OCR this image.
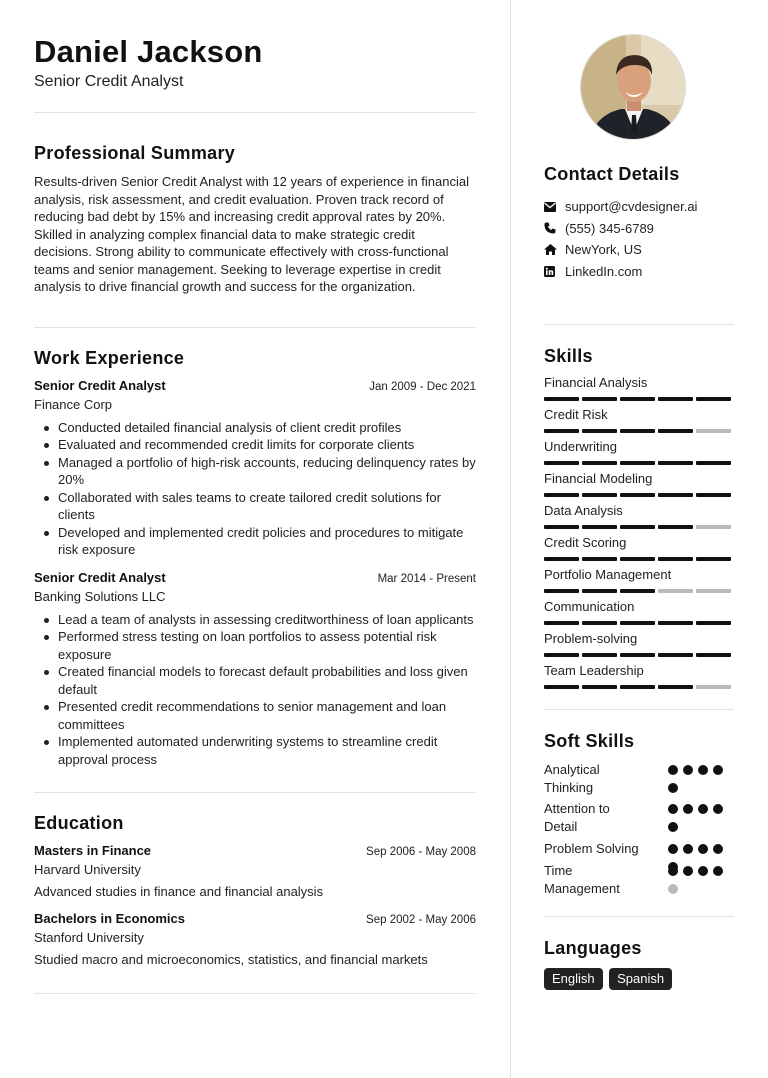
Daniel Jackson
Senior Credit Analyst
Professional Summary
Results-driven Senior Credit Analyst with 12 years of experience in financial analysis, risk assessment, and credit evaluation. Proven track record of reducing bad debt by 15% and increasing credit approval rates by 20%. Skilled in analyzing complex financial data to make strategic credit decisions. Strong ability to communicate effectively with cross-functional teams and senior management. Seeking to leverage expertise in credit analysis to drive financial growth and success for the organization.
Work Experience
Senior Credit Analyst	Jan 2009 - Dec 2021
Finance Corp
Conducted detailed financial analysis of client credit profiles
Evaluated and recommended credit limits for corporate clients
Managed a portfolio of high-risk accounts, reducing delinquency rates by 20%
Collaborated with sales teams to create tailored credit solutions for clients
Developed and implemented credit policies and procedures to mitigate risk exposure
Senior Credit Analyst	Mar 2014 - Present
Banking Solutions LLC
Lead a team of analysts in assessing creditworthiness of loan applicants
Performed stress testing on loan portfolios to assess potential risk exposure
Created financial models to forecast default probabilities and loss given default
Presented credit recommendations to senior management and loan committees
Implemented automated underwriting systems to streamline credit approval process
Education
Masters in Finance	Sep 2006 - May 2008
Harvard University
Advanced studies in finance and financial analysis
Bachelors in Economics	Sep 2002 - May 2006
Stanford University
Studied macro and microeconomics, statistics, and financial markets
Contact Details
support@cvdesigner.ai
(555) 345-6789
NewYork, US
LinkedIn.com
Skills
Financial Analysis
Credit Risk
Underwriting
Financial Modeling
Data Analysis
Credit Scoring
Portfolio Management
Communication
Problem-solving
Team Leadership
Soft Skills
Analytical Thinking
Attention to Detail
Problem Solving
Time Management
Languages
English Spanish
